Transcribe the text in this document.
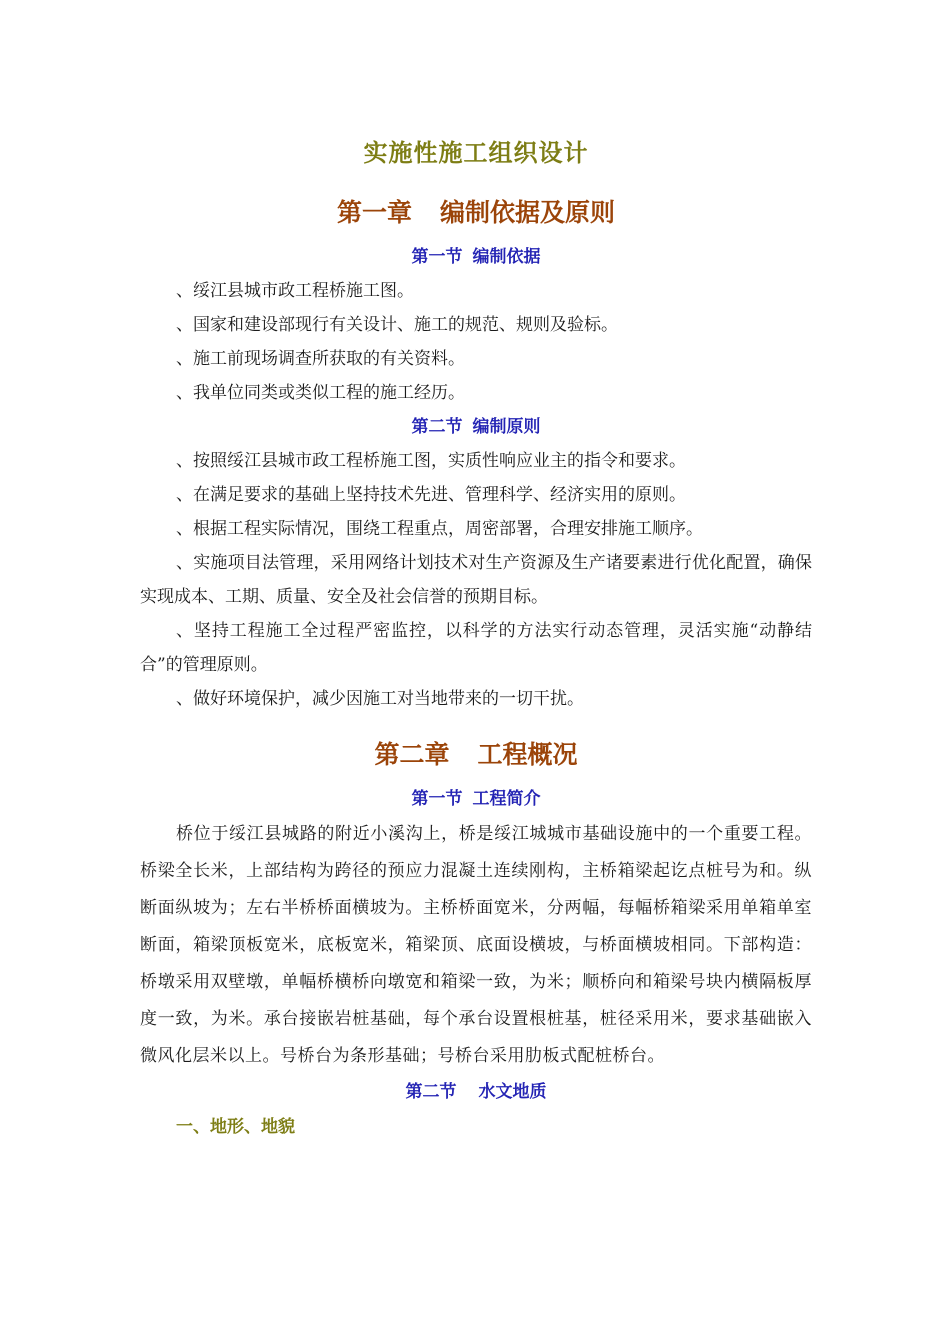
实施性施工组织设计
第一章 编制依据及原则
第一节 编制依据

、绥江县城市政工程桥施工图。

、国家和建设部现行有关设计、施工的规范、规则及验标。

、施工前现场调查所获取的有关资料。

、我单位同类或类似工程的施工经历。

第二节 编制原则

、按照绥江县城市政工程桥施工图，实质性响应业主的指令和要求。

、在满足要求的基础上坚持技术先进、管理科学、经济实用的原则。

、根据工程实际情况，围绕工程重点，周密部署，合理安排施工顺序。

、实施项目法管理，采用网络计划技术对生产资源及生产诸要素进行优化配置，确保实现成本、工期、质量、安全及社会信誉的预期目标。

、坚持工程施工全过程严密监控，以科学的方法实行动态管理，灵活实施“动静结合”的管理原则。

、做好环境保护，减少因施工对当地带来的一切干扰。

第二章 工程概况
第一节 工程简介

桥位于绥江县城路的附近小溪沟上，桥是绥江城城市基础设施中的一个重要工程。桥梁全长米，上部结构为跨径的预应力混凝土连续刚构，主桥箱梁起讫点桩号为和。纵断面纵坡为；左右半桥桥面横坡为。主桥桥面宽米，分两幅，每幅桥箱梁采用单箱单室断面，箱梁顶板宽米，底板宽米，箱梁顶、底面设横坡，与桥面横坡相同。下部构造：桥墩采用双壁墩，单幅桥横桥向墩宽和箱梁一致，为米；顺桥向和箱梁号块内横隔板厚度一致，为米。承台接嵌岩桩基础，每个承台设置根桩基，桩径采用米，要求基础嵌入微风化层米以上。号桥台为条形基础；号桥台采用肋板式配桩桥台。

第二节 水文地质

一、地形、地貌
